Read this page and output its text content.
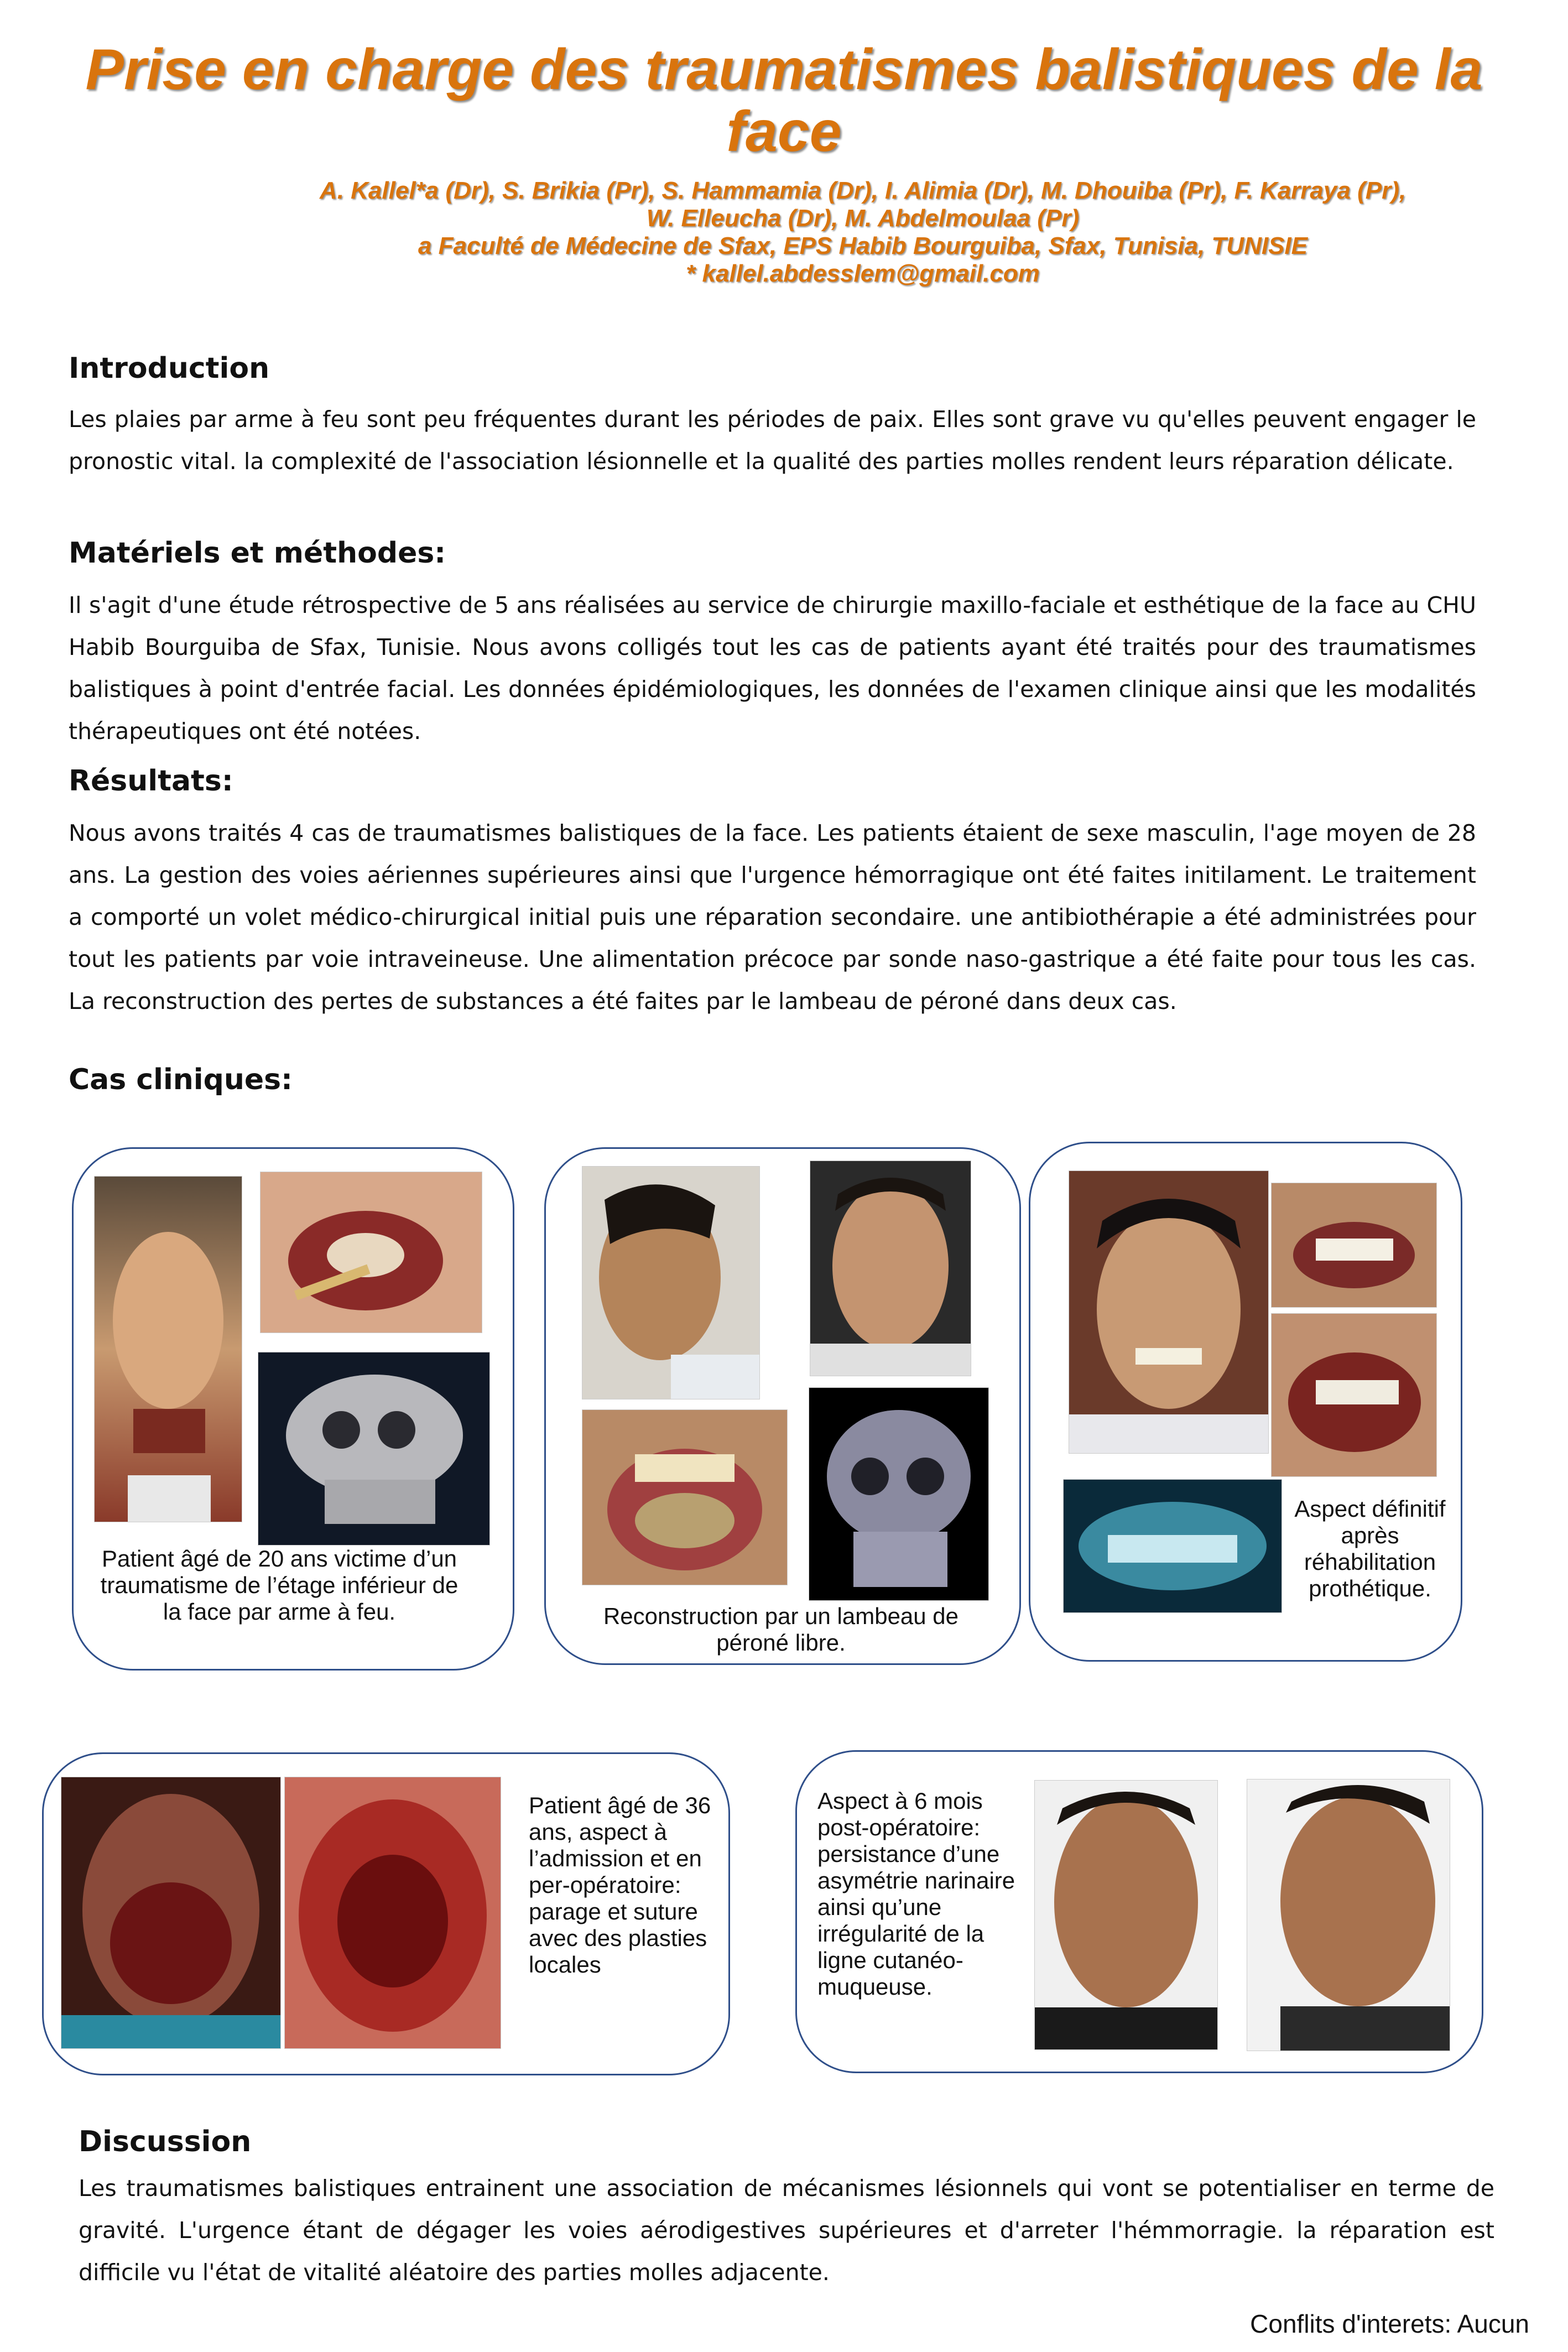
Prise en charge des traumatismes balistiques de la face
A. Kallel*a (Dr), S. Brikia (Pr), S. Hammamia (Dr), I. Alimia (Dr), M. Dhouiba (Pr), F. Karraya (Pr),
W. Elleucha (Dr), M. Abdelmoulaa (Pr)
a Faculté de Médecine de Sfax, EPS Habib Bourguiba, Sfax, Tunisia, TUNISIE
* kallel.abdesslem@gmail.com
Introduction
Les plaies par arme à feu sont peu fréquentes durant les périodes de paix. Elles sont grave vu qu'elles peuvent engager le pronostic vital. la complexité de l'association lésionnelle et la qualité des parties molles rendent leurs réparation délicate.
Matériels et méthodes:
Il s'agit d'une étude rétrospective de 5 ans réalisées au service de chirurgie maxillo-faciale et esthétique de la face au CHU Habib Bourguiba de Sfax, Tunisie. Nous avons colligés tout les cas de patients ayant été traités pour des traumatismes balistiques à point d'entrée facial. Les données épidémiologiques, les données de l'examen clinique ainsi que les modalités thérapeutiques ont été notées.
Résultats:
Nous avons traités 4 cas de traumatismes balistiques de la face. Les patients étaient de sexe masculin, l'age moyen de 28 ans. La gestion des voies aériennes supérieures ainsi que l'urgence hémorragique ont été faites initilament. Le traitement a comporté un volet médico-chirurgical initial puis une réparation secondaire. une antibiothérapie a été administrées pour tout les patients par voie intraveineuse. Une alimentation précoce par sonde naso-gastrique a été faite pour tous les cas. La reconstruction des pertes de substances a été faites par le lambeau de péroné dans deux cas.
Cas cliniques:
Patient âgé de 20 ans victime d’un traumatisme de l’étage inférieur de la face par arme à feu.	Reconstruction par un lambeau de péroné libre.
Aspect définitif après réhabilitation prothétique.
Patient âgé de 36 ans, aspect à l’admission et en per-opératoire: parage et suture avec des plasties locales
Aspect à 6 mois post-opératoire: persistance d’une asymétrie narinaire ainsi qu’une irrégularité de la ligne cutanéo-muqueuse.
Discussion
Les traumatismes balistiques entrainent une association de mécanismes lésionnels qui vont se potentialiser en terme de gravité. L'urgence étant de dégager les voies aérodigestives supérieures et d'arreter l'hémmorragie. la réparation est difficile vu l'état de vitalité aléatoire des parties molles adjacente.
Conflits d'interets: Aucun
